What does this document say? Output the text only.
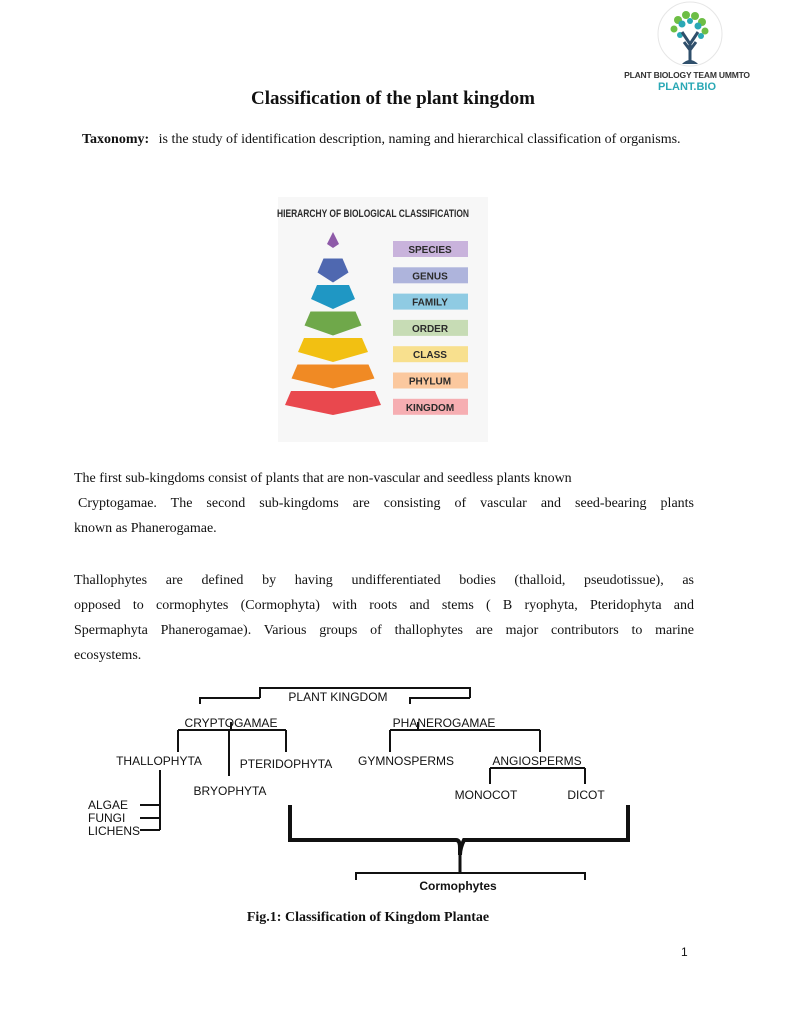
PLANT BIOLOGY TEAM UMMTO
PLANT.BIO
Classification of the plant kingdom
Taxonomy: is the study of identification description, naming and hierarchical classification of organisms.
HIERARCHY OF BIOLOGICAL CLASSIFICATION
SPECIES
GENUS
FAMILY
ORDER
CLASS
PHYLUM
KINGDOM
The first sub-kingdoms consist of plants that are non-vascular and seedless plants known
Cryptogamae. The second sub-kingdoms are consisting of vascular and seed-bearing plants
known as Phanerogamae.
Thallophytes are defined by having undifferentiated bodies (thalloid, pseudotissue), as
opposed to cormophytes (Cormophyta) with roots and stems ( B ryophyta, Pteridophyta and
Spermaphyta Phanerogamae). Various groups of thallophytes are major contributors to marine
ecosystems.
PLANT KINGDOM
CRYPTOGAMAE	PHANEROGAMAE
THALLOPHYTA
BRYOPHYTA
PTERIDOPHYTA GYMNOSPERMS	ANGIOSPERMS
MONOCOT	DICOT
ALGAE
FUNGI
LICHENS
Cormophytes
Fig.1: Classification of Kingdom Plantae
1
